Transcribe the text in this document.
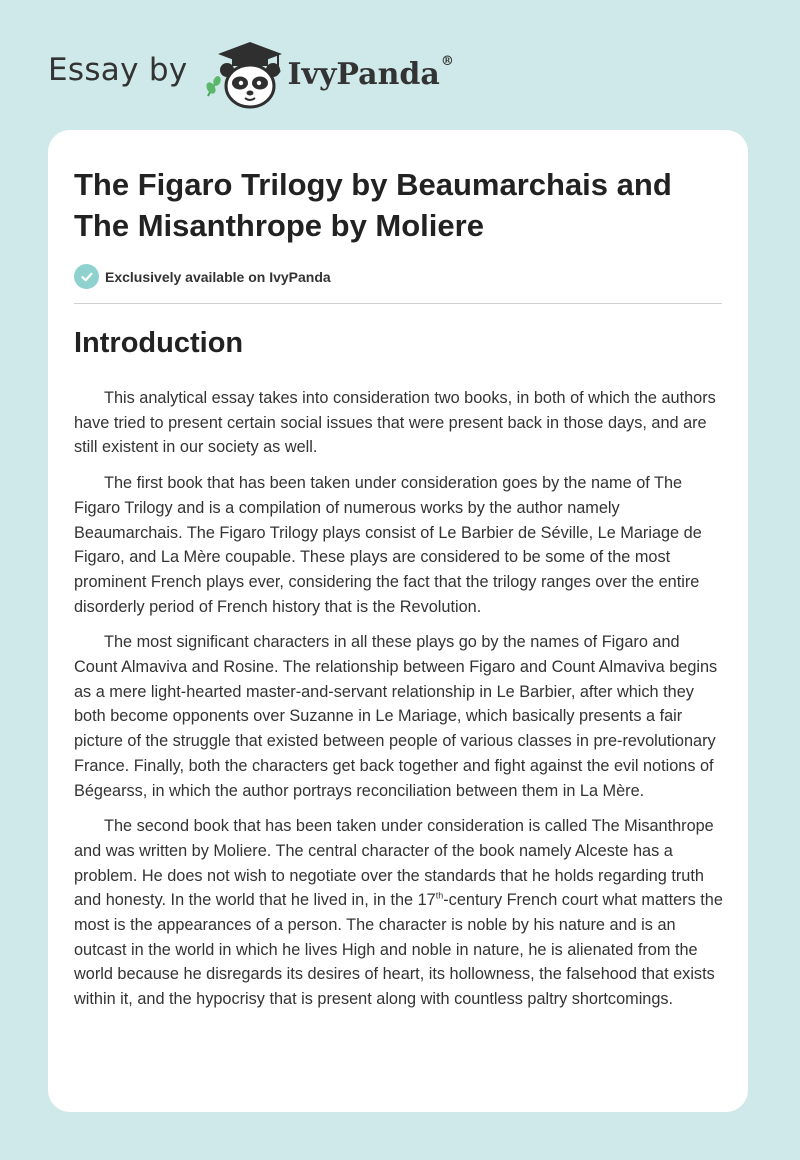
Essay by	IvyPanda®
The Figaro Trilogy by Beaumarchais and The Misanthrope by Moliere
Exclusively available on IvyPanda
Introduction

This analytical essay takes into consideration two books, in both of which the authors have tried to present certain social issues that were present back in those days, and are still existent in our society as well.

The first book that has been taken under consideration goes by the name of The Figaro Trilogy and is a compilation of numerous works by the author namely Beaumarchais. The Figaro Trilogy plays consist of Le Barbier de Séville, Le Mariage de Figaro, and La Mère coupable. These plays are considered to be some of the most prominent French plays ever, considering the fact that the trilogy ranges over the entire disorderly period of French history that is the Revolution.

The most significant characters in all these plays go by the names of Figaro and Count Almaviva and Rosine. The relationship between Figaro and Count Almaviva begins as a mere light-hearted master-and-servant relationship in Le Barbier, after which they both become opponents over Suzanne in Le Mariage, which basically presents a fair picture of the struggle that existed between people of various classes in pre-revolutionary France. Finally, both the characters get back together and fight against the evil notions of Bégearss, in which the author portrays reconciliation between them in La Mère.

The second book that has been taken under consideration is called The Misanthrope and was written by Moliere. The central character of the book namely Alceste has a problem. He does not wish to negotiate over the standards that he holds regarding truth and honesty. In the world that he lived in, in the 17th-century French court what matters the most is the appearances of a person. The character is noble by his nature and is an outcast in the world in which he lives High and noble in nature, he is alienated from the world because he disregards its desires of heart, its hollowness, the falsehood that exists within it, and the hypocrisy that is present along with countless paltry shortcomings.
